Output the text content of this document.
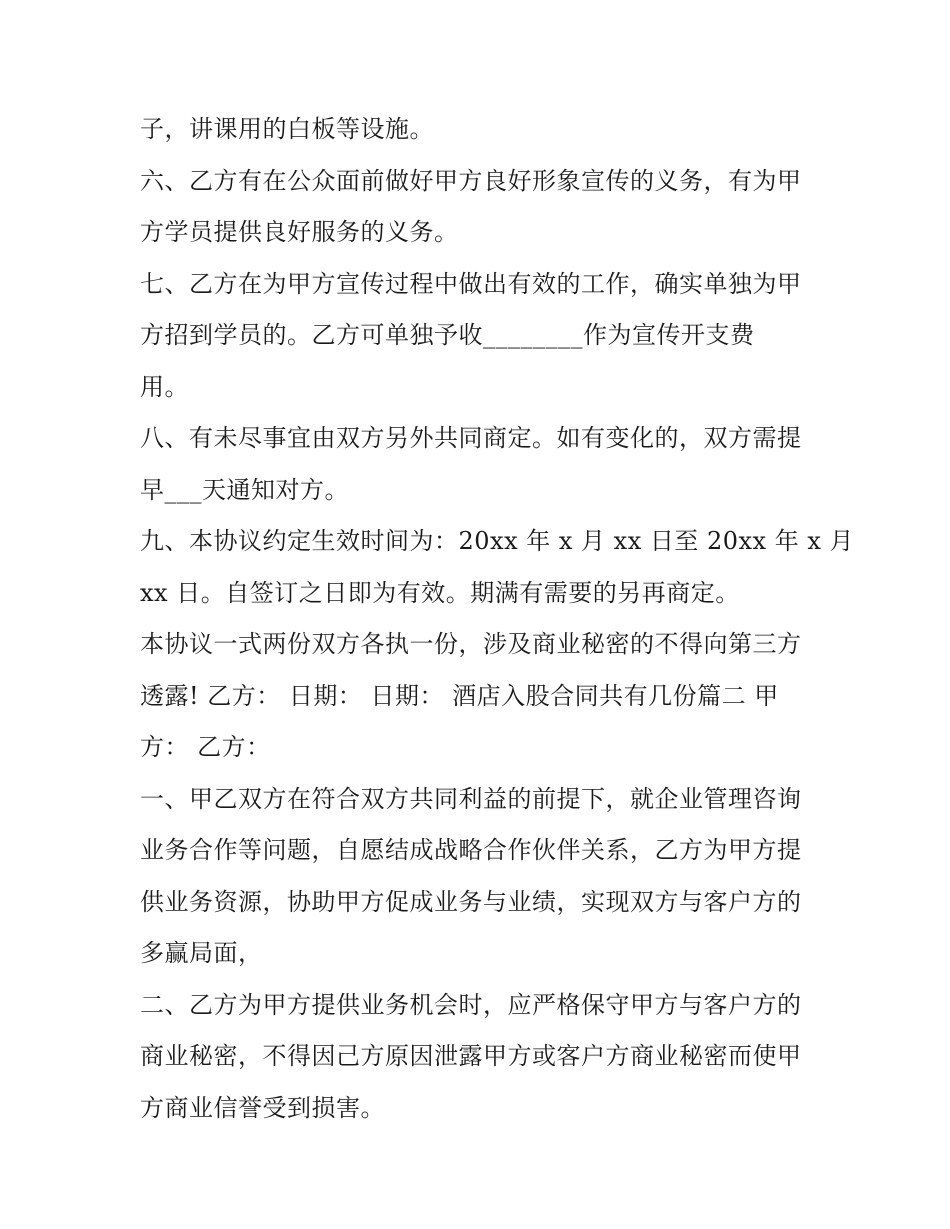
子，讲课用的白板等设施。
六、乙方有在公众面前做好甲方良好形象宣传的义务，有为甲
方学员提供良好服务的义务。
七、乙方在为甲方宣传过程中做出有效的工作，确实单独为甲
方招到学员的。乙方可单独予收________作为宣传开支费
用。
八、有未尽事宜由双方另外共同商定。如有变化的，双方需提
早___天通知对方。
九、本协议约定生效时间为：20xx 年 x 月 xx 日至 20xx 年 x 月
xx 日。自签订之日即为有效。期满有需要的另再商定。
本协议一式两份双方各执一份，涉及商业秘密的不得向第三方
透露! 乙方： 日期： 日期： 酒店入股合同共有几份篇二 甲
方： 乙方：
一、甲乙双方在符合双方共同利益的前提下，就企业管理咨询
业务合作等问题，自愿结成战略合作伙伴关系，乙方为甲方提
供业务资源，协助甲方促成业务与业绩，实现双方与客户方的
多赢局面，
二、乙方为甲方提供业务机会时，应严格保守甲方与客户方的
商业秘密，不得因己方原因泄露甲方或客户方商业秘密而使甲
方商业信誉受到损害。
